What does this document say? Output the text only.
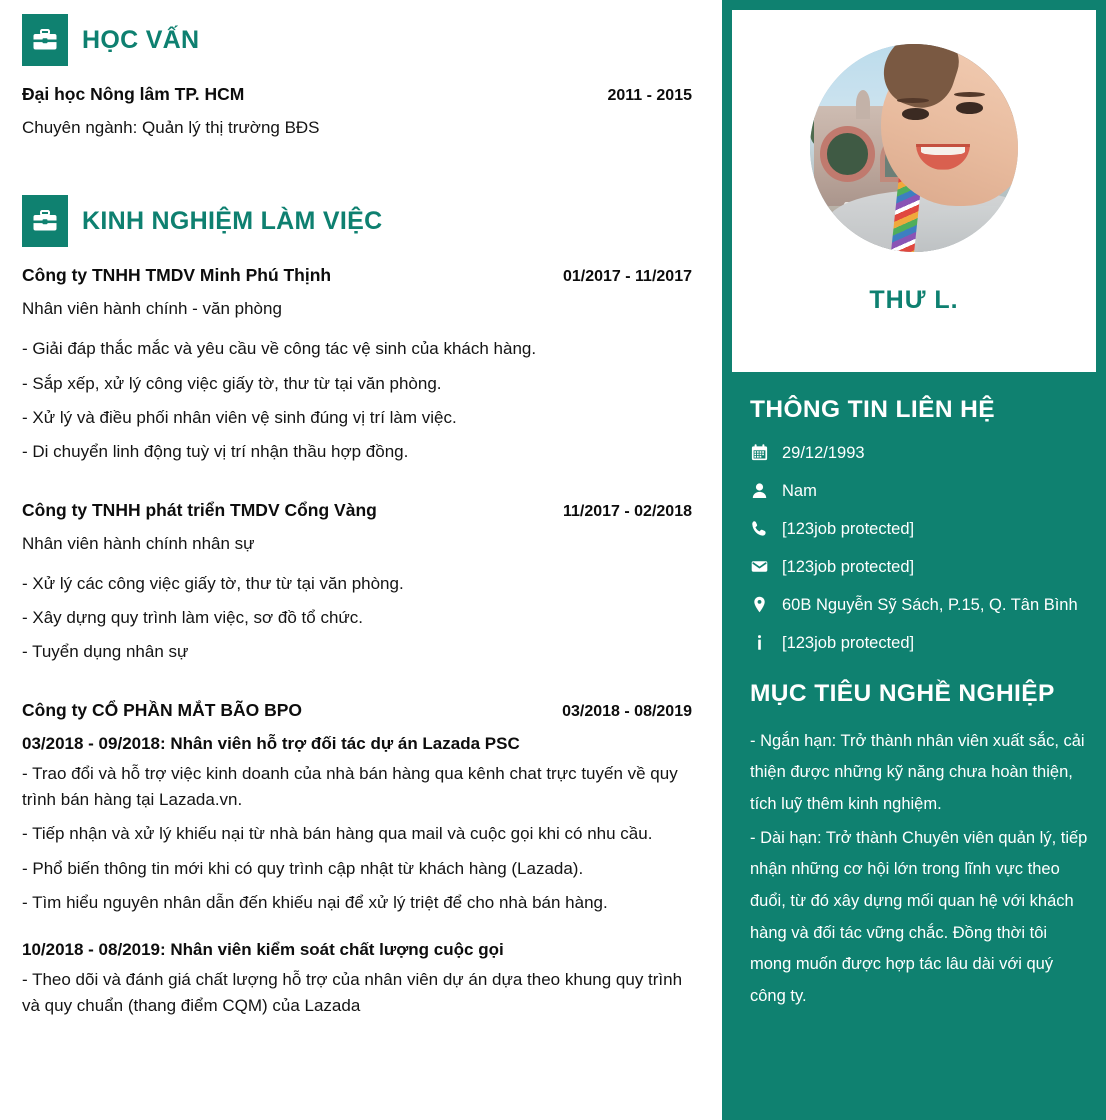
HỌC VẤN
Đại học Nông lâm TP. HCM	2011 - 2015
Chuyên ngành: Quản lý thị trường BĐS
KINH NGHIỆM LÀM VIỆC
Công ty TNHH TMDV Minh Phú Thịnh	01/2017 - 11/2017
Nhân viên hành chính - văn phòng
- Giải đáp thắc mắc và yêu cầu về công tác vệ sinh của khách hàng.
- Sắp xếp, xử lý công việc giấy tờ, thư từ tại văn phòng.
- Xử lý và điều phối nhân viên vệ sinh đúng vị trí làm việc.
- Di chuyển linh động tuỳ vị trí nhận thầu hợp đồng.
Công ty TNHH phát triển TMDV Cổng Vàng	11/2017 - 02/2018
Nhân viên hành chính nhân sự
- Xử lý các công việc giấy tờ, thư từ tại văn phòng.
- Xây dựng quy trình làm việc, sơ đồ tổ chức.
- Tuyển dụng nhân sự
Công ty CỔ PHẦN MẮT BÃO BPO	03/2018 - 08/2019
03/2018 - 09/2018: Nhân viên hỗ trợ đối tác dự án Lazada PSC
- Trao đổi và hỗ trợ việc kinh doanh của nhà bán hàng qua kênh chat trực tuyến về quy trình bán hàng tại Lazada.vn.
- Tiếp nhận và xử lý khiếu nại từ nhà bán hàng qua mail và cuộc gọi khi có nhu cầu.
- Phổ biến thông tin mới khi có quy trình cập nhật từ khách hàng (Lazada).
- Tìm hiểu nguyên nhân dẫn đến khiếu nại để xử lý triệt để cho nhà bán hàng.
10/2018 - 08/2019: Nhân viên kiểm soát chất lượng cuộc gọi
- Theo dõi và đánh giá chất lượng hỗ trợ của nhân viên dự án dựa theo khung quy trình và quy chuẩn (thang điểm CQM) của Lazada
THƯ L.
THÔNG TIN LIÊN HỆ
29/12/1993
Nam
[123job protected]
[123job protected]
60B Nguyễn Sỹ Sách, P.15, Q. Tân Bình
[123job protected]
MỤC TIÊU NGHỀ NGHIỆP

- Ngắn hạn: Trở thành nhân viên xuất sắc, cải thiện được những kỹ năng chưa hoàn thiện, tích luỹ thêm kinh nghiệm.

- Dài hạn: Trở thành Chuyên viên quản lý, tiếp nhận những cơ hội lớn trong lĩnh vực theo đuổi, từ đó xây dựng mối quan hệ với khách hàng và đối tác vững chắc. Đồng thời tôi mong muốn được hợp tác lâu dài với quý công ty.
